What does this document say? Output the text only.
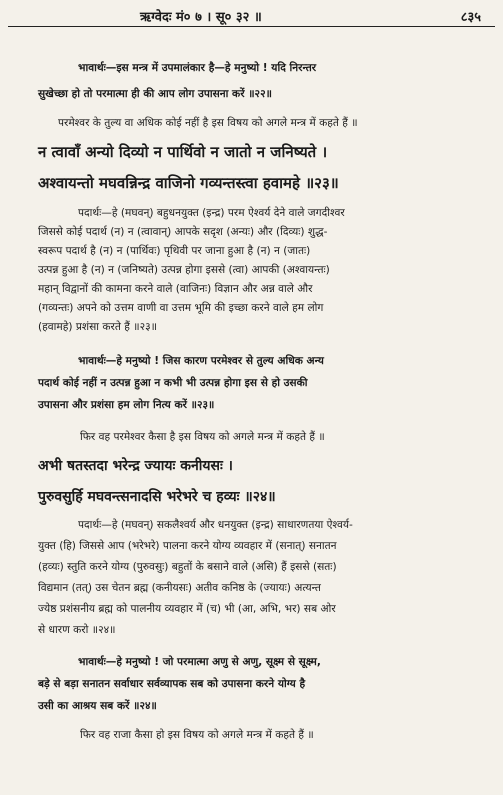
ऋग्वेदः मं० ७ । सू० ३२ ॥	८३५
भावार्थः—इस मन्त्र में उपमालंकार है—हे मनुष्यो ! यदि निरन्तर
सुखेच्छा हो तो परमात्मा ही की आप लोग उपासना करें ॥२२॥
परमेश्वर के तुल्य वा अधिक कोई नहीं है इस विषय को अगले मन्त्र में कहते हैं ॥
न त्वावाँ अन्यो दिव्यो न पार्थिवो न जातो न जनिष्यते ।
अश्वायन्तो मघवन्निन्द्र वाजिनो गव्यन्तस्त्वा हवामहे ॥२३॥
पदार्थः—हे (मघवन्) बहुधनयुक्त (इन्द्र) परम ऐश्वर्य देने वाले जगदीश्वर
जिससे कोई पदार्थ (न) न (त्वावान्) आपके सदृश (अन्यः) और (दिव्यः) शुद्ध-
स्वरूप पदार्थ है (न) न (पार्थिवः) पृथिवी पर जाना हुआ है (न) न (जातः)
उत्पन्न हुआ है (न) न (जनिष्यते) उत्पन्न होगा इससे (त्वा) आपकी (अश्वायन्तः)
महान् विद्वानों की कामना करने वाले (वाजिनः) विज्ञान और अन्न वाले और
(गव्यन्तः) अपने को उत्तम वाणी वा उत्तम भूमि की इच्छा करने वाले हम लोग
(हवामहे) प्रशंसा करते हैं ॥२३॥
भावार्थः—हे मनुष्यो ! जिस कारण परमेश्वर से तुल्य अधिक अन्य
पदार्थ कोई नहीं न उत्पन्न हुआ न कभी भी उत्पन्न होगा इस से हो उसकी
उपासना और प्रशंसा हम लोग नित्य करें ॥२३॥
फिर वह परमेश्वर कैसा है इस विषय को अगले मन्त्र में कहते हैं ॥
अभी षतस्तदा भरेन्द्र ज्यायः कनीयसः ।
पुरुवसुर्हि मघवन्त्सनादसि भरेभरे च हव्यः ॥२४॥
पदार्थः—हे (मघवन्) सकलैश्वर्य और धनयुक्त (इन्द्र) साधारणतया ऐश्वर्य-
युक्त (हि) जिससे आप (भरेभरे) पालना करने योग्य व्यवहार में (सनात्) सनातन
(हव्यः) स्तुति करने योग्य (पुरुवसुः) बहुतों के बसाने वाले (असि) हैं इससे (सतः)
विद्यमान (तत्) उस चेतन ब्रह्म (कनीयसः) अतीव कनिष्ठ के (ज्यायः) अत्यन्त
ज्येष्ठ प्रशंसनीय ब्रह्म को पालनीय व्यवहार में (च) भी (आ, अभि, भर) सब ओर
से धारण करो ॥२४॥
भावार्थः—हे मनुष्यो ! जो परमात्मा अणु से अणु, सूक्ष्म से सूक्ष्म,
बड़े से बड़ा सनातन सर्वाधार सर्वव्यापक सब को उपासना करने योग्य है
उसी का आश्रय सब करें ॥२४॥
फिर वह राजा कैसा हो इस विषय को अगले मन्त्र में कहते हैं ॥
